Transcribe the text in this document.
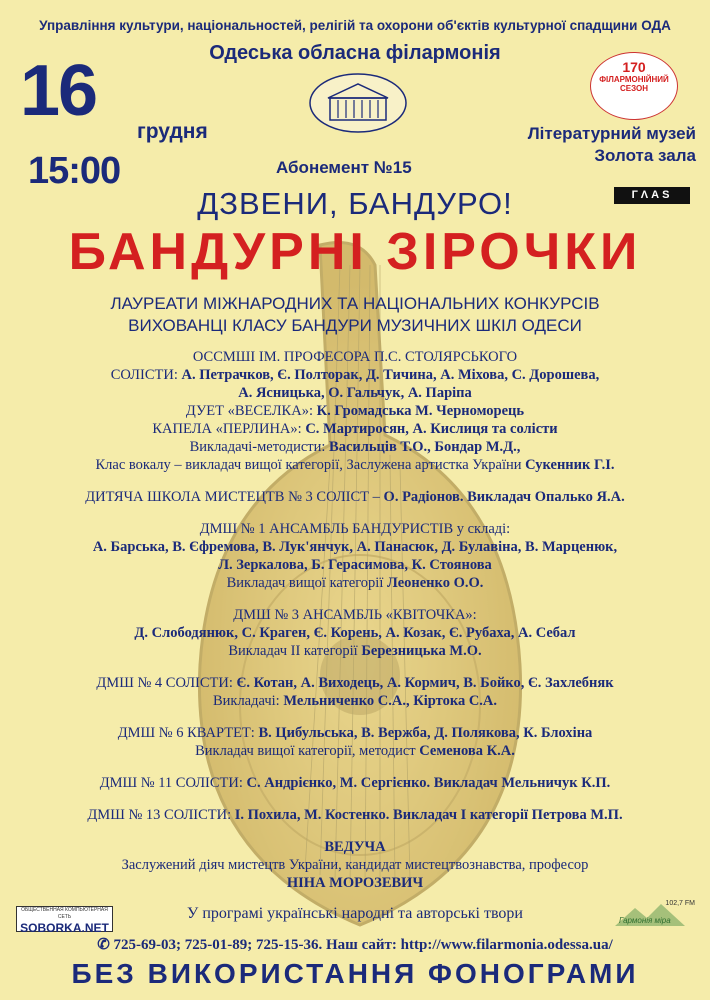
Управління культури, національностей, релігій та охорони об'єктів культурної спадщини ОДА
Одеська обласна філармонія
16
грудня
15:00
170
ФІЛАРМОНІЙНИЙ
СЕЗОН
Літературний музей
Золота зала
Абонемент №15
ГΛAS
ДЗВЕНИ, БАНДУРО!
БАНДУРНІ ЗІРОЧКИ
ЛАУРЕАТИ МІЖНАРОДНИХ ТА НАЦІОНАЛЬНИХ КОНКУРСІВ
ВИХОВАНЦІ КЛАСУ БАНДУРИ МУЗИЧНИХ ШКІЛ ОДЕСИ
ОССМШІ ІМ. ПРОФЕСОРА П.С. СТОЛЯРСЬКОГО
СОЛІСТИ: А. Петрачков, Є. Полторак, Д. Тичина, А. Міхова, С. Дорошева,
А. Ясницька, О. Гальчук, А. Паріпа
ДУЕТ «ВЕСЕЛКА»: К. Громадська М. Черноморець
КАПЕЛА «ПЕРЛИНА»: С. Мартиросян, А. Кислиця та солісти
Викладачі-методисти: Васильців Т.О., Бондар М.Д.,
Клас вокалу – викладач вищої категорії, Заслужена артистка України Сукенник Г.І.
ДИТЯЧА ШКОЛА МИСТЕЦТВ № 3 СОЛІСТ – О. Радіонов. Викладач Опалько Я.А.
ДМШ № 1 АНСАМБЛЬ БАНДУРИСТІВ у складі:
А. Барська, В. Єфремова, В. Лук'янчук, А. Панасюк, Д. Булавіна, В. Марценюк,
Л. Зеркалова, Б. Герасимова, К. Стоянова
Викладач вищої категорії Леоненко О.О.
ДМШ № 3 АНСАМБЛЬ «КВІТОЧКА»:
Д. Слободянюк, С. Краген, Є. Корень, А. Козак, Є. Рубаха, А. Себал
Викладач ІІ категорії Березницька М.О.
ДМШ № 4 СОЛІСТИ: Є. Котан, А. Виходець, А. Кормич, В. Бойко, Є. Захлебняк
Викладачі: Мельниченко С.А., Кіртока С.А.
ДМШ № 6 КВАРТЕТ: В. Цибульська, В. Вержба, Д. Полякова, К. Блохіна
Викладач вищої категорії, методист Семенова К.А.
ДМШ № 11 СОЛІСТИ: С. Андрієнко, М. Сергієнко. Викладач Мельничук К.П.
ДМШ № 13 СОЛІСТИ: І. Похила, М. Костенко. Викладач І категорії Петрова М.П.
ВЕДУЧА
Заслужений діяч мистецтв України, кандидат мистецтвознавства, професор
НІНА МОРОЗЕВИЧ
ОБЩЕСТВЕННАЯ КОМПЬЮТЕРНАЯ СЕТЬ
SOBORKA.NET
102,7 FM
Гармонія міра
У програмі українські народні та авторські твори
✆ 725-69-03; 725-01-89; 725-15-36. Наш сайт: http://www.filarmonia.odessa.ua/
БЕЗ ВИКОРИСТАННЯ ФОНОГРАМИ
